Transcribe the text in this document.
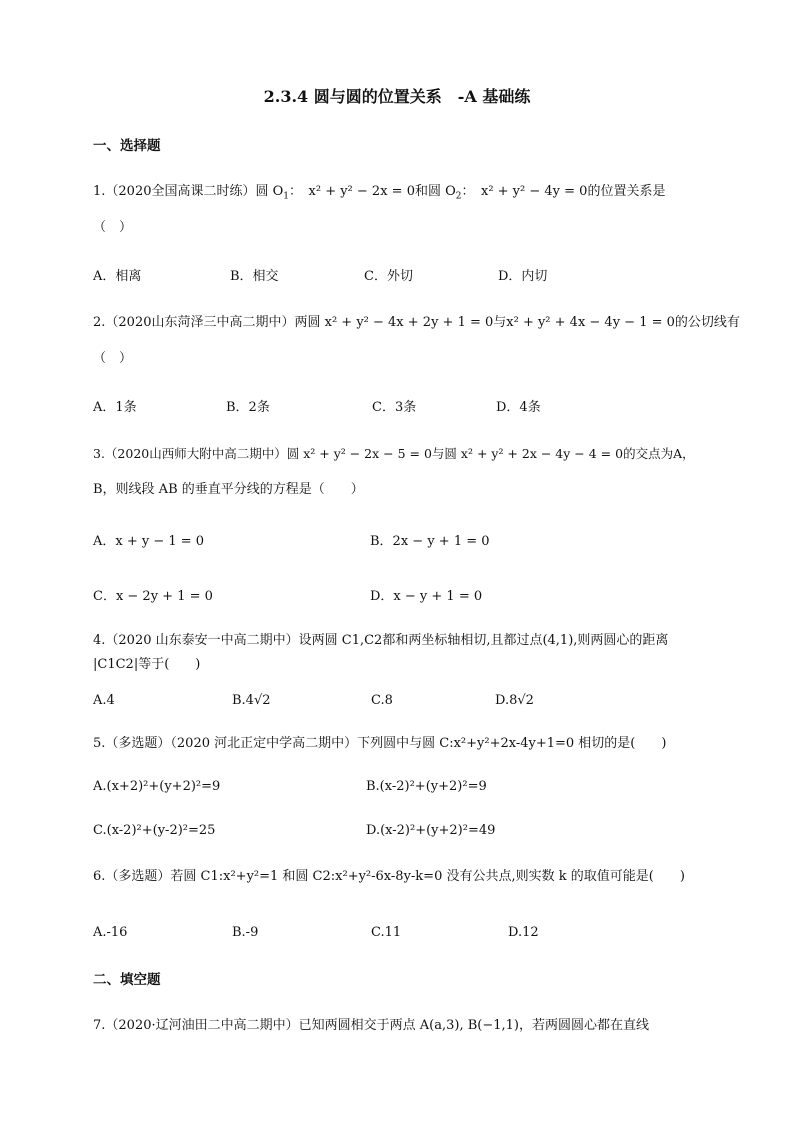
2.3.4 圆与圆的位置关系　-A 基础练
一、选择题
1.（2020全国高课二时练）圆 $O_1$：　x² + y² − 2x = 0和圆 $O_2$：　x² + y² − 4y = 0的位置关系是
（　）
A．相离	B．相交	C．外切	D．内切
2.（2020山东菏泽三中高二期中）两圆 x² + y² − 4x + 2y + 1 = 0与x² + y² + 4x − 4y − 1 = 0的公切线有
（　）
A．1条	B．2条	C．3条	D．4条
3.（2020山西师大附中高二期中）圆 x² + y² − 2x − 5 = 0与圆 x² + y² + 2x − 4y − 4 = 0的交点为A，
B，则线段 AB 的垂直平分线的方程是（　　）
A．x + y − 1 = 0	B．2x − y + 1 = 0
C．x − 2y + 1 = 0	D．x − y + 1 = 0
4.（2020 山东泰安一中高二期中）设两圆 C1,C2都和两坐标轴相切,且都过点(4,1),则两圆心的距离
|C1C2|等于(　　)
A.4	B.4√2	C.8	D.8√2
5.（多选题）（2020 河北正定中学高二期中）下列圆中与圆 C:x²+y²+2x-4y+1=0 相切的是(　　)
A.(x+2)²+(y+2)²=9	B.(x-2)²+(y+2)²=9
C.(x-2)²+(y-2)²=25	D.(x-2)²+(y+2)²=49
6.（多选题）若圆 C1:x²+y²=1 和圆 C2:x²+y²-6x-8y-k=0 没有公共点,则实数 k 的取值可能是(　　)
A.-16	B.-9	C.11	D.12
二、填空题
7.（2020·辽河油田二中高二期中）已知两圆相交于两点 A(a,3), B(−1,1)，若两圆圆心都在直线
